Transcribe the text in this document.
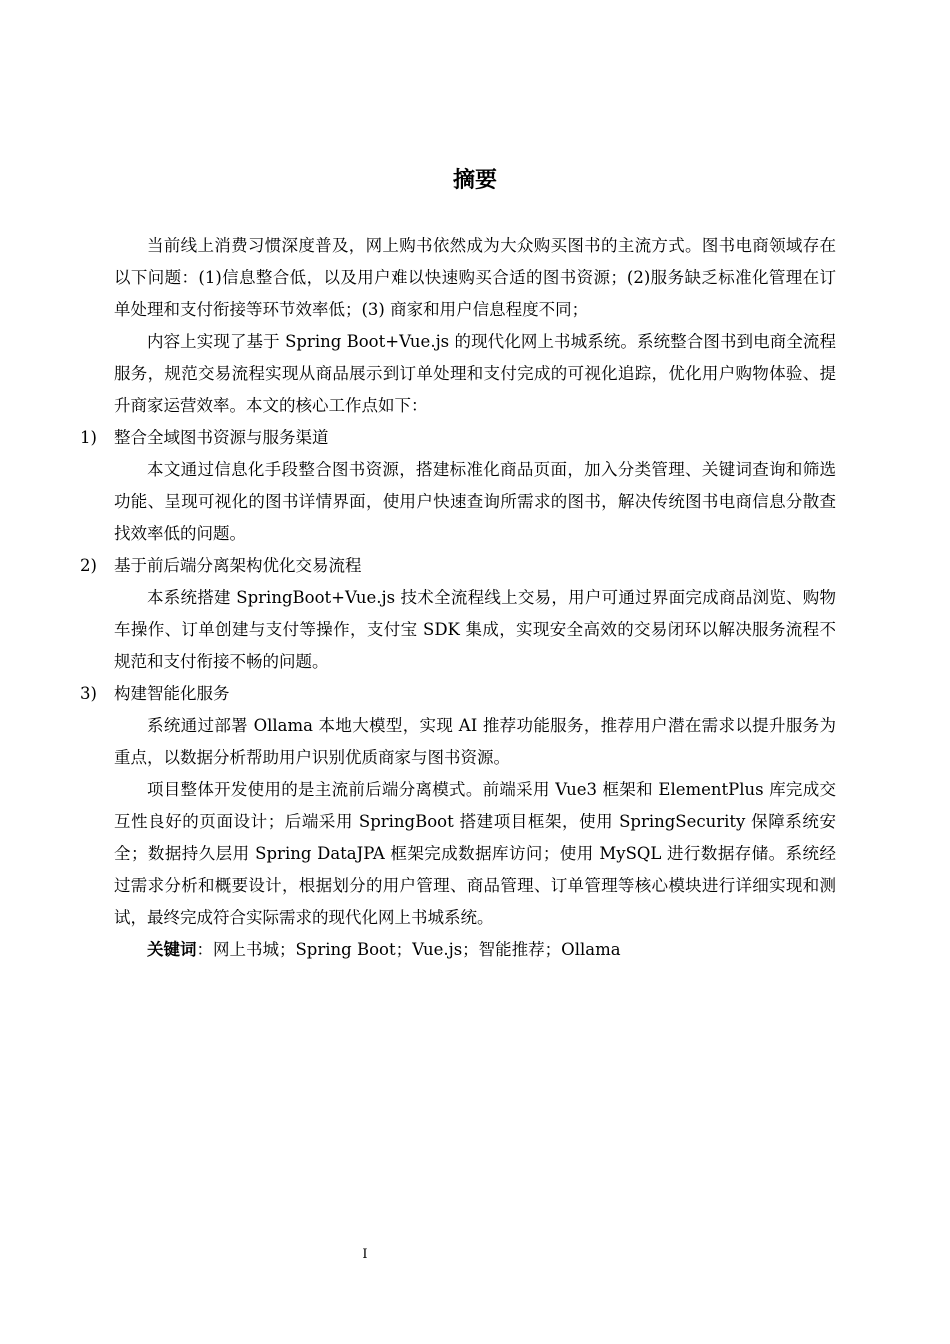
摘要

当前线上消费习惯深度普及，网上购书依然成为大众购买图书的主流方式。图书电商领域存在以下问题：(1)信息整合低，以及用户难以快速购买合适的图书资源；(2)服务缺乏标准化管理在订单处理和支付衔接等环节效率低；(3) 商家和用户信息程度不同；

内容上实现了基于 Spring Boot+Vue.js 的现代化网上书城系统。系统整合图书到电商全流程服务，规范交易流程实现从商品展示到订单处理和支付完成的可视化追踪，优化用户购物体验、提升商家运营效率。本文的核心工作点如下：

1) 整合全域图书资源与服务渠道

本文通过信息化手段整合图书资源，搭建标准化商品页面，加入分类管理、关键词查询和筛选功能、呈现可视化的图书详情界面，使用户快速查询所需求的图书，解决传统图书电商信息分散查找效率低的问题。

2) 基于前后端分离架构优化交易流程

本系统搭建 SpringBoot+Vue.js 技术全流程线上交易，用户可通过界面完成商品浏览、购物车操作、订单创建与支付等操作，支付宝 SDK 集成，实现安全高效的交易闭环以解决服务流程不规范和支付衔接不畅的问题。

3) 构建智能化服务

系统通过部署 Ollama 本地大模型，实现 AI 推荐功能服务，推荐用户潜在需求以提升服务为重点，以数据分析帮助用户识别优质商家与图书资源。

项目整体开发使用的是主流前后端分离模式。前端采用 Vue3 框架和 ElementPlus 库完成交互性良好的页面设计；后端采用 SpringBoot 搭建项目框架，使用 SpringSecurity 保障系统安全；数据持久层用 Spring DataJPA 框架完成数据库访问；使用 MySQL 进行数据存储。系统经过需求分析和概要设计，根据划分的用户管理、商品管理、订单管理等核心模块进行详细实现和测试，最终完成符合实际需求的现代化网上书城系统。

关键词：网上书城；Spring Boot；Vue.js；智能推荐；Ollama

I
